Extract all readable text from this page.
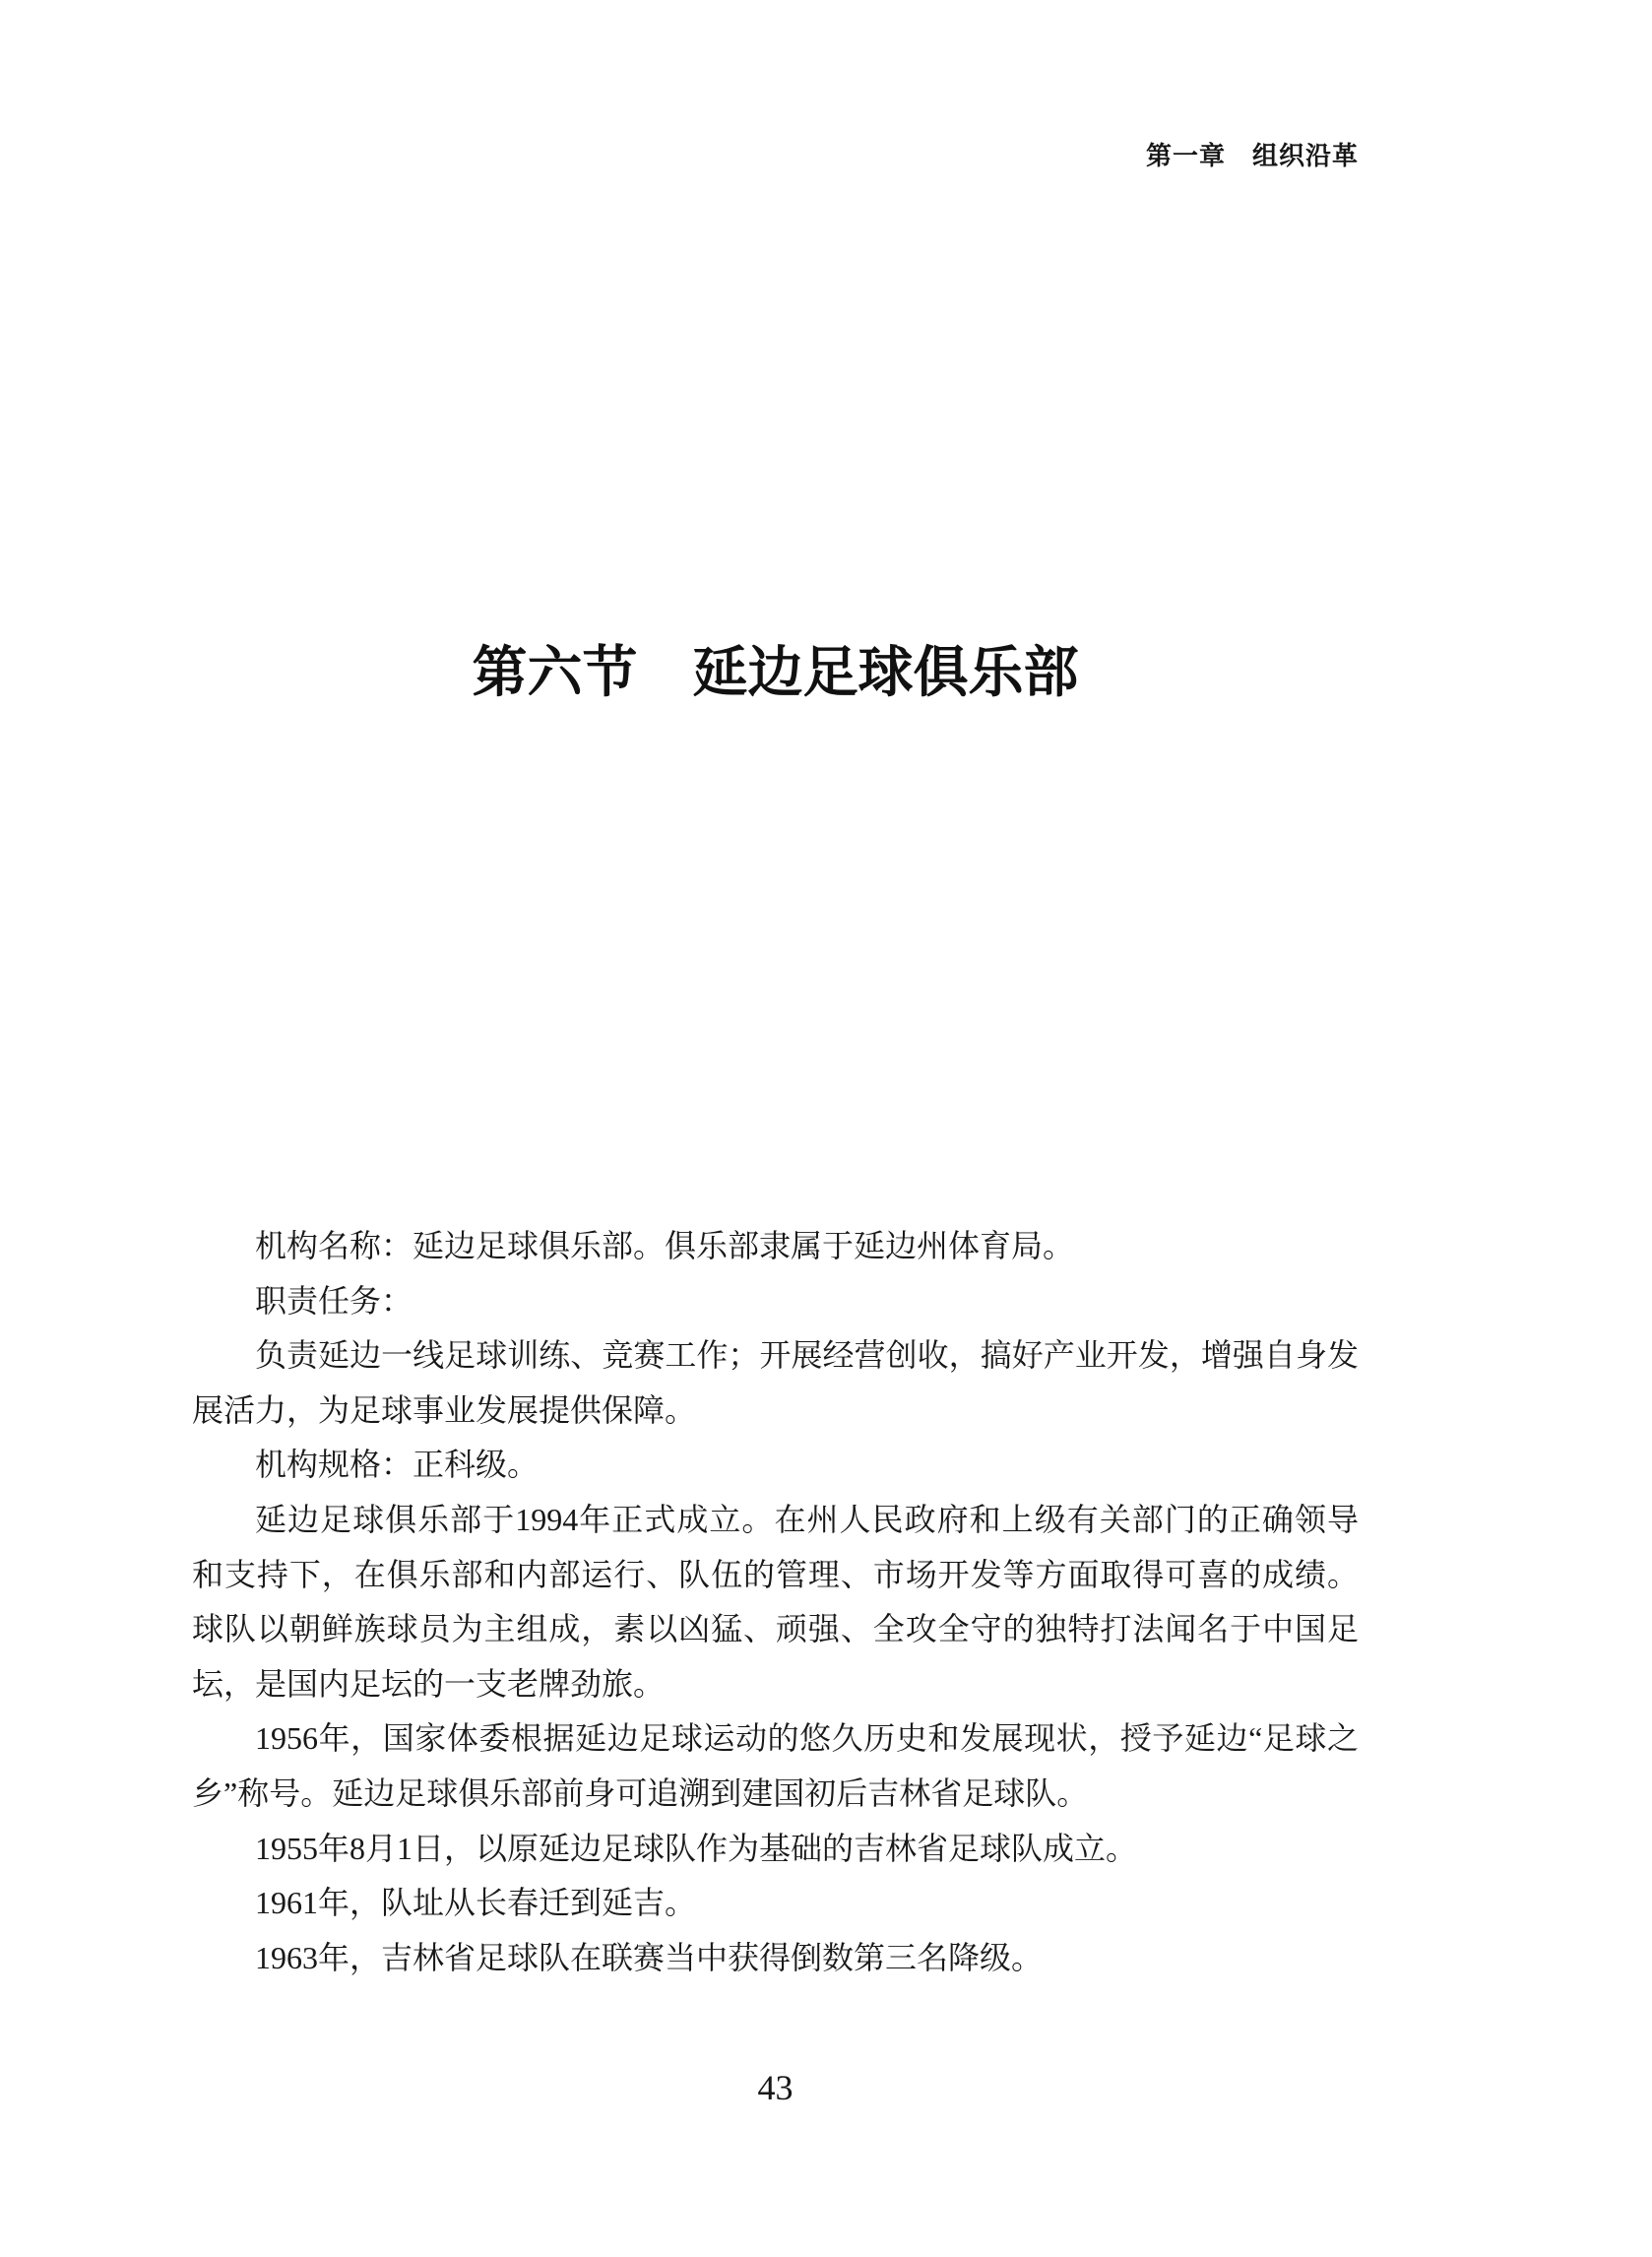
第一章　组织沿革
第六节　延边足球俱乐部
机构名称：延边足球俱乐部。俱乐部隶属于延边州体育局。
职责任务：
负责延边一线足球训练、竞赛工作；开展经营创收，搞好产业开发，增强自身发
展活力，为足球事业发展提供保障。
机构规格：正科级。
延边足球俱乐部于1994年正式成立。在州人民政府和上级有关部门的正确领导
和支持下，在俱乐部和内部运行、队伍的管理、市场开发等方面取得可喜的成绩。
球队以朝鲜族球员为主组成，素以凶猛、顽强、全攻全守的独特打法闻名于中国足
坛，是国内足坛的一支老牌劲旅。
1956年，国家体委根据延边足球运动的悠久历史和发展现状，授予延边“足球之
乡”称号。延边足球俱乐部前身可追溯到建国初后吉林省足球队。
1955年8月1日，以原延边足球队作为基础的吉林省足球队成立。
1961年，队址从长春迁到延吉。
1963年，吉林省足球队在联赛当中获得倒数第三名降级。
43
